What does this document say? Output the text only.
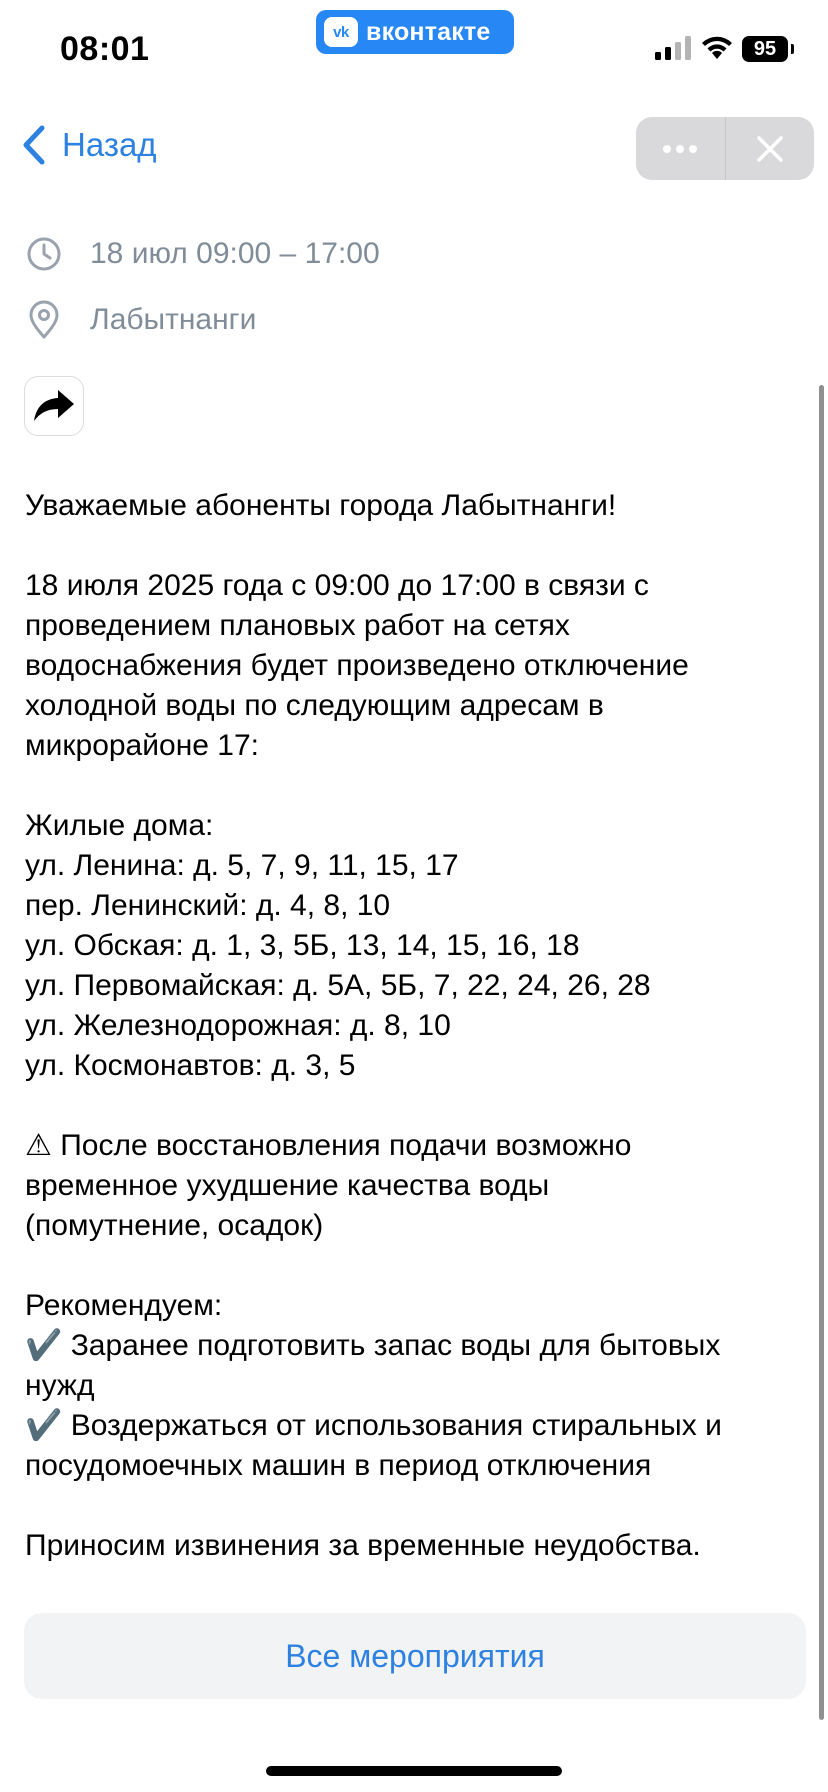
08:01	vk вконтакте
95
Назад
18 июл 09:00 – 17:00
Лабытнанги
Уважаемые абоненты города Лабытнанги!
18 июля 2025 года с 09:00 до 17:00 в связи с
проведением плановых работ на сетях
водоснабжения будет произведено отключение
холодной воды по следующим адресам в
микрорайоне 17:
Жилые дома:
ул. Ленина: д. 5, 7, 9, 11, 15, 17
пер. Ленинский: д. 4, 8, 10
ул. Обская: д. 1, 3, 5Б, 13, 14, 15, 16, 18
ул. Первомайская: д. 5А, 5Б, 7, 22, 24, 26, 28
ул. Железнодорожная: д. 8, 10
ул. Космонавтов: д. 3, 5
⚠ После восстановления подачи возможно
временное ухудшение качества воды
(помутнение, осадок)
Рекомендуем:
✔️ Заранее подготовить запас воды для бытовых
нужд
✔️ Воздержаться от использования стиральных и
посудомоечных машин в период отключения
Приносим извинения за временные неудобства.
Все мероприятия
